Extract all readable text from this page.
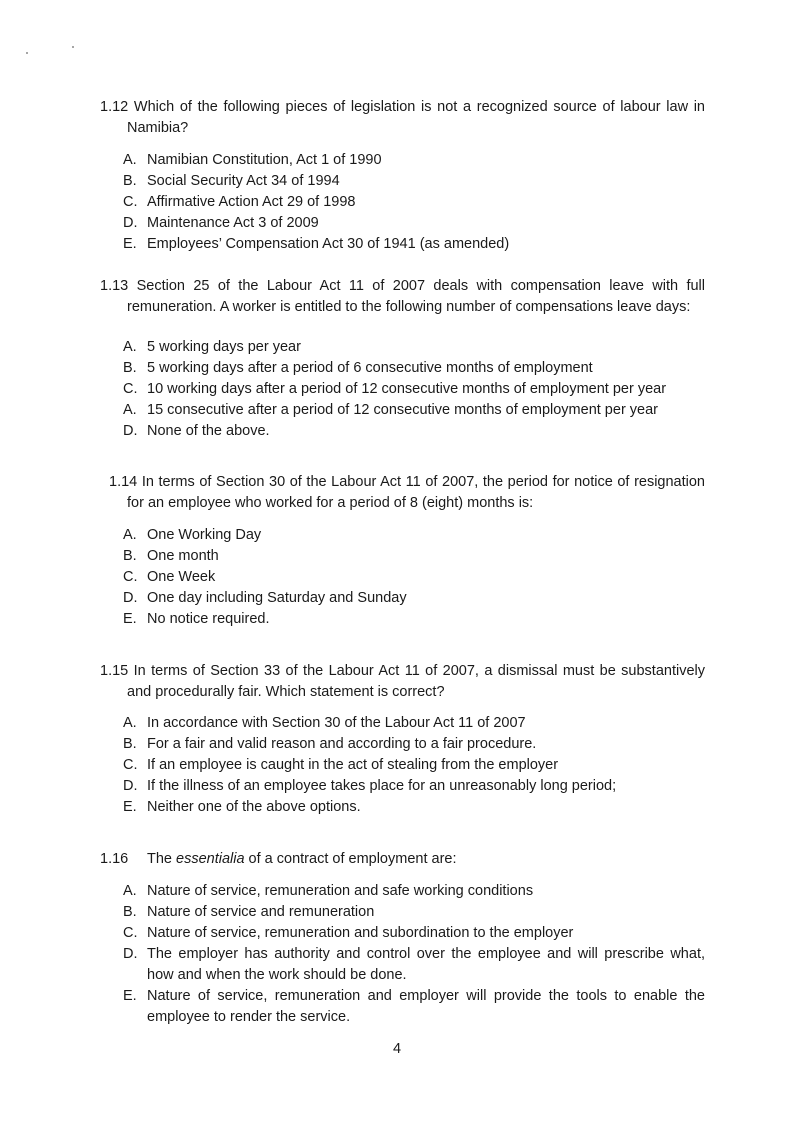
1.12 Which of the following pieces of legislation is not a recognized source of labour law in

Namibia?

A. Namibian Constitution, Act 1 of 1990
B. Social Security Act 34 of 1994
C. Affirmative Action Act 29 of 1998
D. Maintenance Act 3 of 2009
E. Employees’ Compensation Act 30 of 1941 (as amended)

1.13 Section 25 of the Labour Act 11 of 2007 deals with compensation leave with full

remuneration. A worker is entitled to the following number of compensations leave days:

A. 5 working days per year
B. 5 working days after a period of 6 consecutive months of employment
C. 10 working days after a period of 12 consecutive months of employment per year
A. 15 consecutive after a period of 12 consecutive months of employment per year
D. None of the above.

1.14 In terms of Section 30 of the Labour Act 11 of 2007, the period for notice of resignation

for an employee who worked for a period of 8 (eight) months is:

A. One Working Day
B. One month
C. One Week
D. One day including Saturday and Sunday
E. No notice required.

1.15 In terms of Section 33 of the Labour Act 11 of 2007, a dismissal must be substantively

and procedurally fair. Which statement is correct?

A. In accordance with Section 30 of the Labour Act 11 of 2007
B. For a fair and valid reason and according to a fair procedure.
C. If an employee is caught in the act of stealing from the employer
D. If the illness of an employee takes place for an unreasonably long period;
E. Neither one of the above options.

1.16 The essentialia of a contract of employment are:

A. Nature of service, remuneration and safe working conditions
B. Nature of service and remuneration
C. Nature of service, remuneration and subordination to the employer
D. The employer has authority and control over the employee and will prescribe what, how and when the work should be done.
E. Nature of service, remuneration and employer will provide the tools to enable the employee to render the service.
4
